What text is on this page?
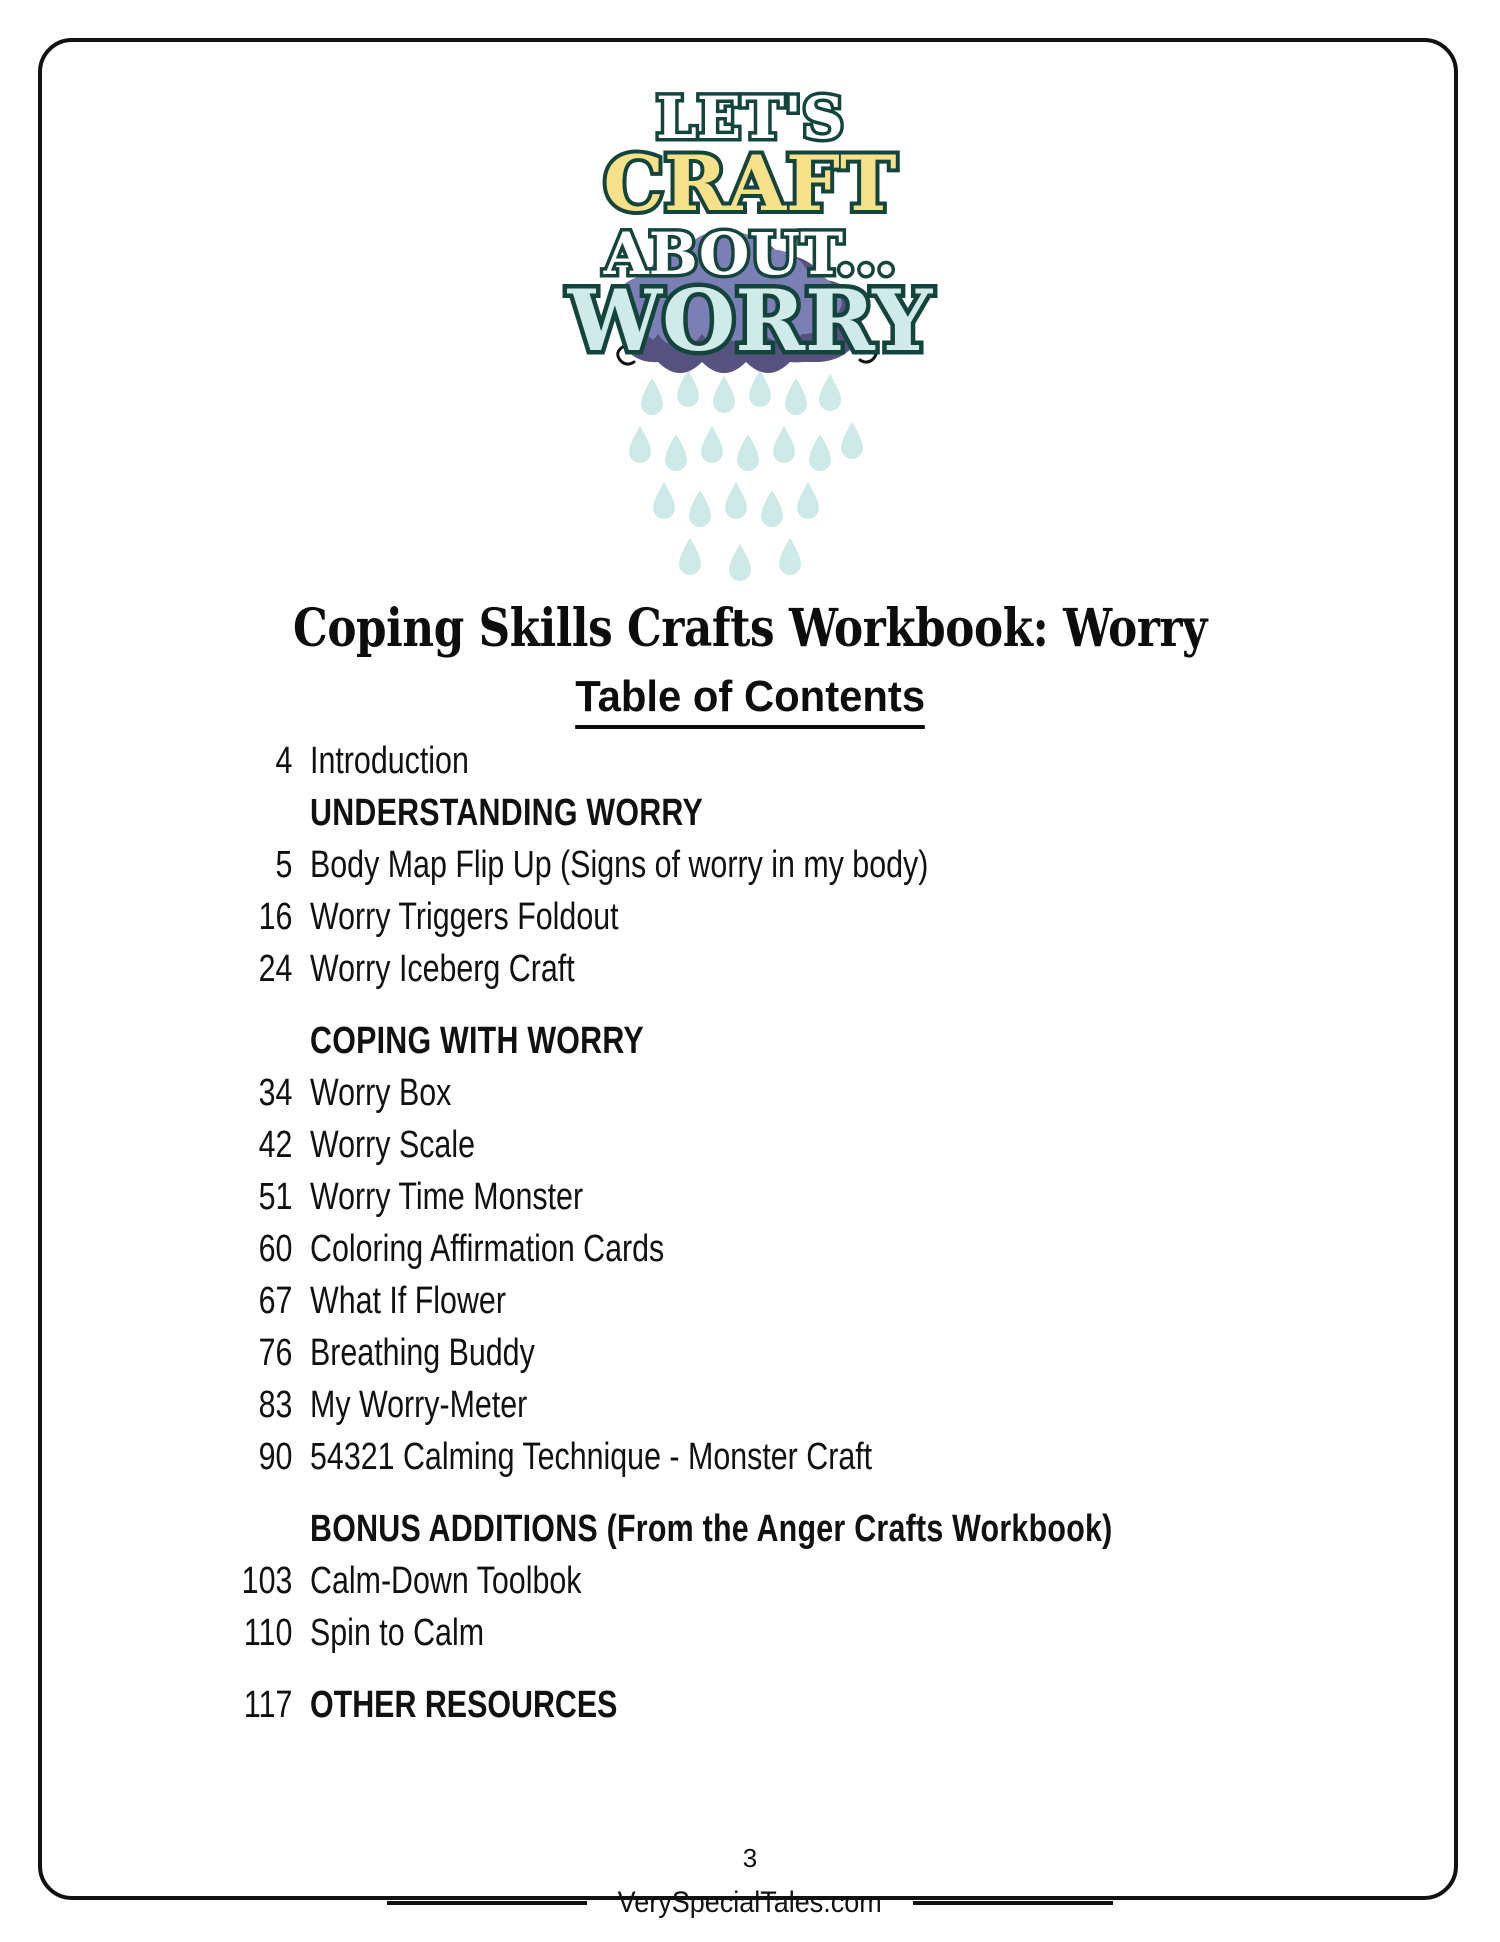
LET'S
CRAFT
ABOUT...
WORRY
Coping Skills Crafts Workbook: Worry
Table of Contents
4 Introduction
UNDERSTANDING WORRY
5 Body Map Flip Up (Signs of worry in my body)
16 Worry Triggers Foldout
24 Worry Iceberg Craft
COPING WITH WORRY
34 Worry Box
42 Worry Scale
51 Worry Time Monster
60 Coloring Affirmation Cards
67 What If Flower
76 Breathing Buddy
83 My Worry-Meter
90 54321 Calming Technique - Monster Craft
BONUS ADDITIONS (From the Anger Crafts Workbook)
103 Calm-Down Toolbok
110 Spin to Calm
117 OTHER RESOURCES
3
VerySpecialTales.com
